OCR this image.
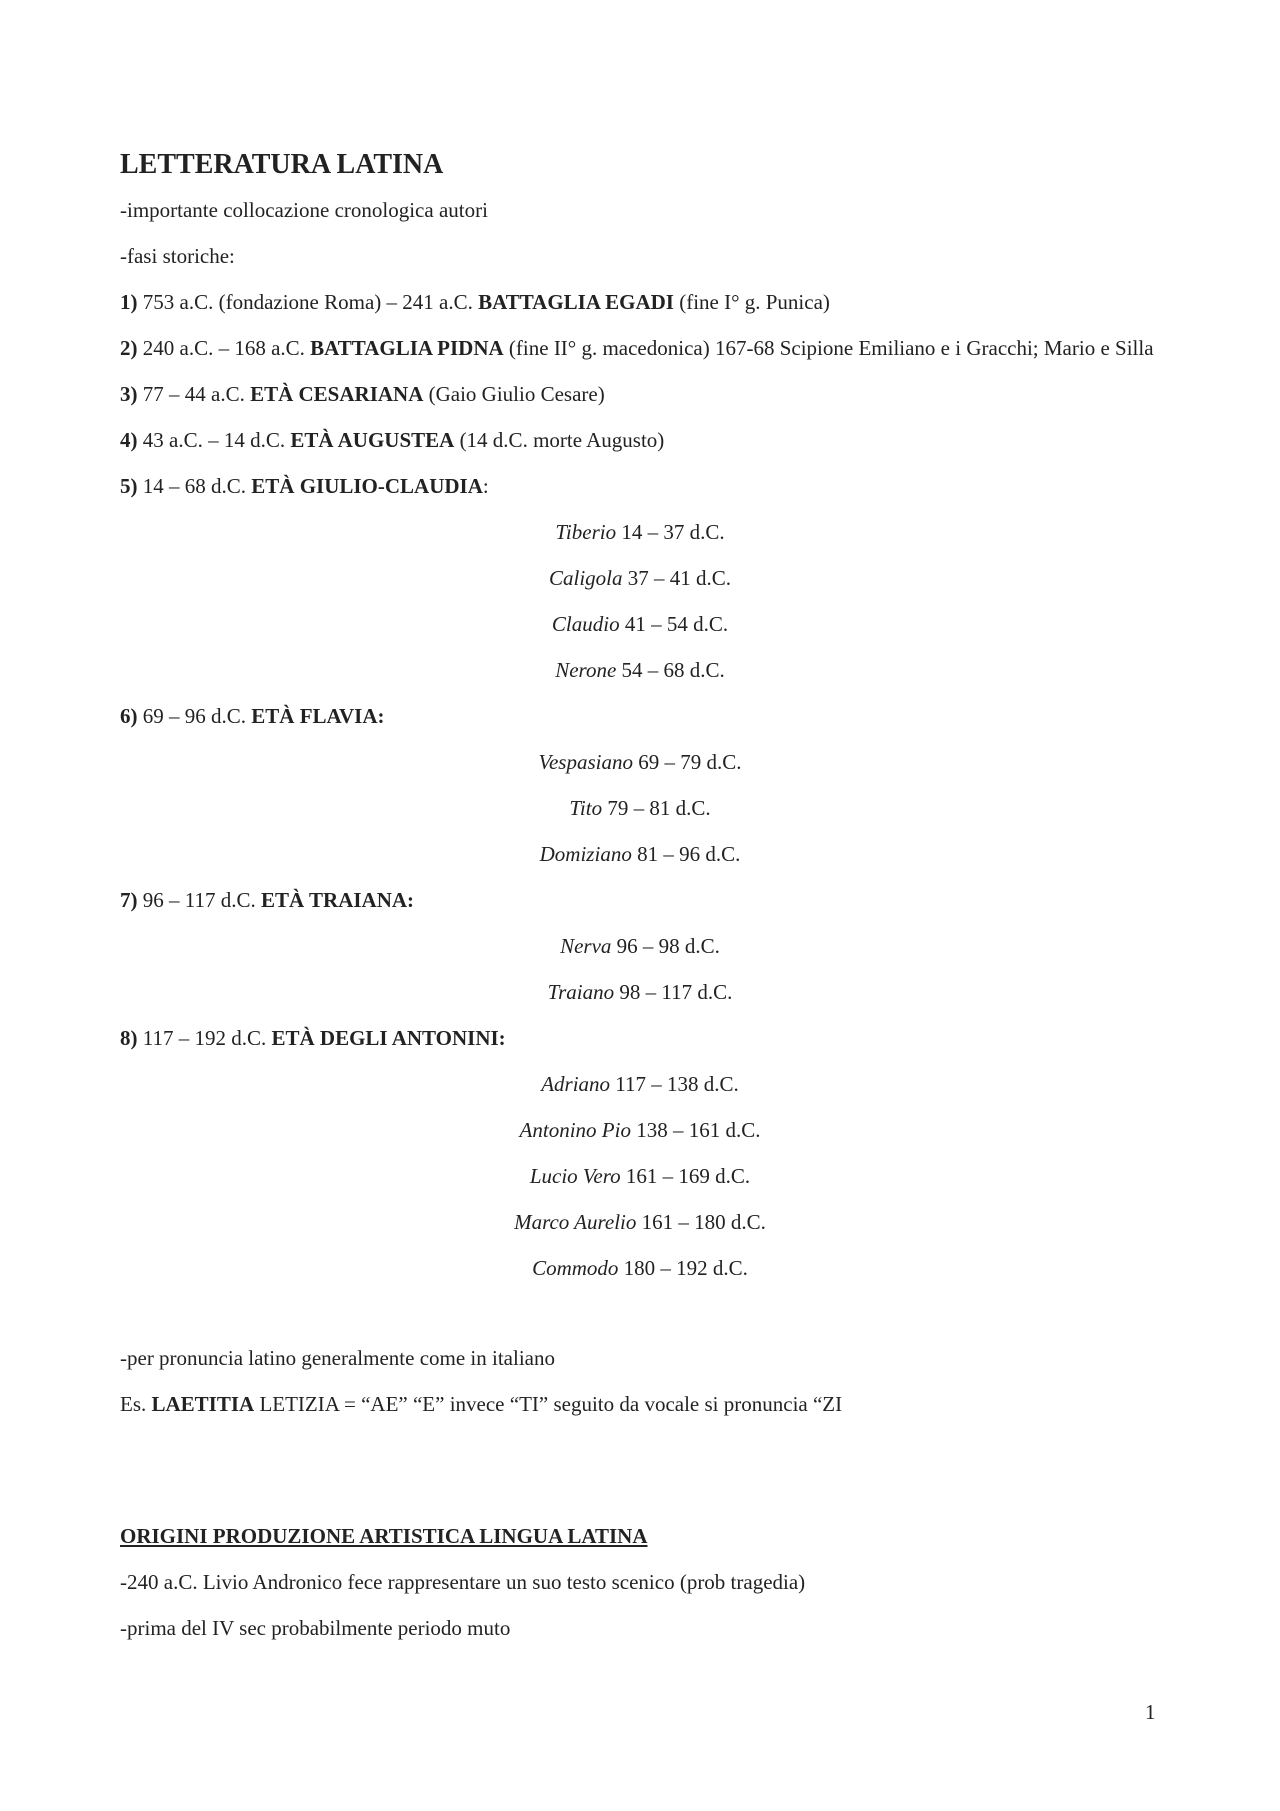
LETTERATURA LATINA
-importante collocazione cronologica autori
-fasi storiche:
1) 753 a.C. (fondazione Roma) – 241 a.C. BATTAGLIA EGADI (fine I° g. Punica)
2) 240 a.C. – 168 a.C. BATTAGLIA PIDNA (fine II° g. macedonica) 167-68 Scipione Emiliano e i Gracchi; Mario e Silla
3) 77 – 44 a.C. ETÀ CESARIANA (Gaio Giulio Cesare)
4) 43 a.C. – 14 d.C. ETÀ AUGUSTEA (14 d.C. morte Augusto)
5) 14 – 68 d.C. ETÀ GIULIO-CLAUDIA:
Tiberio 14 – 37 d.C.
Caligola 37 – 41 d.C.
Claudio 41 – 54 d.C.
Nerone 54 – 68 d.C.
6) 69 – 96 d.C. ETÀ FLAVIA:
Vespasiano 69 – 79 d.C.
Tito 79 – 81 d.C.
Domiziano 81 – 96 d.C.
7) 96 – 117 d.C. ETÀ TRAIANA:
Nerva 96 – 98 d.C.
Traiano 98 – 117 d.C.
8) 117 – 192 d.C. ETÀ DEGLI ANTONINI:
Adriano 117 – 138 d.C.
Antonino Pio 138 – 161 d.C.
Lucio Vero 161 – 169 d.C.
Marco Aurelio 161 – 180 d.C.
Commodo 180 – 192 d.C.
-per pronuncia latino generalmente come in italiano
Es. LAETITIA LETIZIA = “AE” “E” invece “TI” seguito da vocale si pronuncia “ZI
ORIGINI PRODUZIONE ARTISTICA LINGUA LATINA
-240 a.C. Livio Andronico fece rappresentare un suo testo scenico (prob tragedia)
-prima del IV sec probabilmente periodo muto
1
